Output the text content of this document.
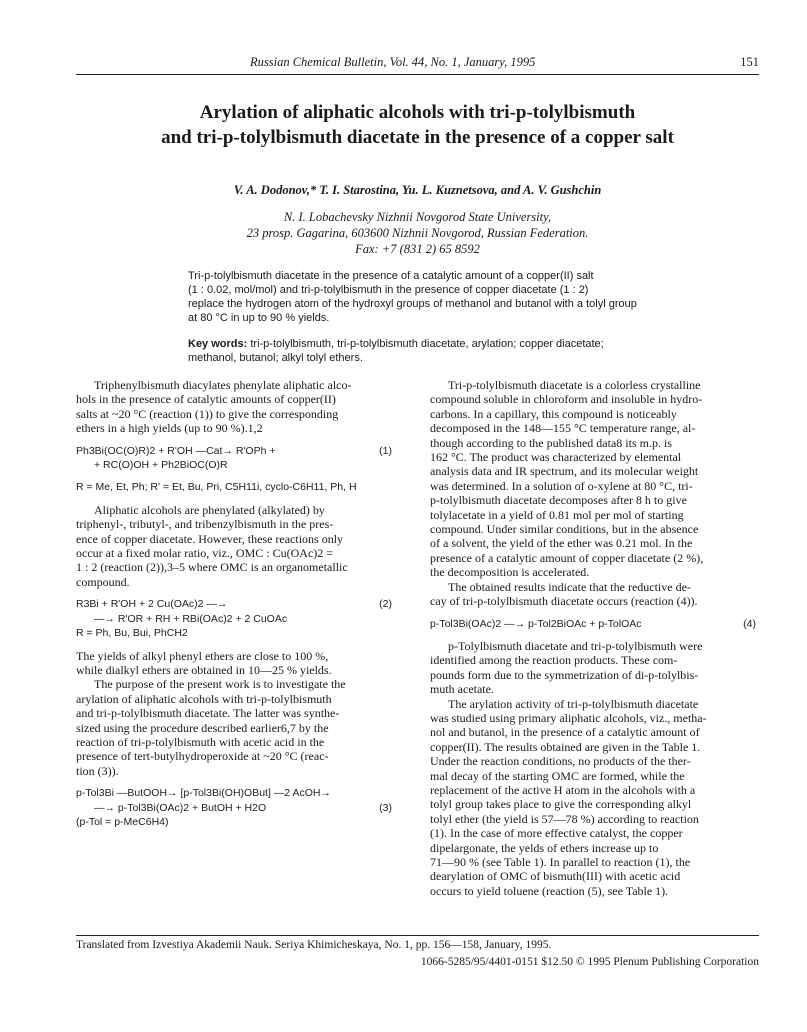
Russian Chemical Bulletin, Vol. 44, No. 1, January, 1995	151
Arylation of aliphatic alcohols with tri-p-tolylbismuth
and tri-p-tolylbismuth diacetate in the presence of a copper salt
V. A. Dodonov,* T. I. Starostina, Yu. L. Kuznetsova, and A. V. Gushchin
N. I. Lobachevsky Nizhnii Novgorod State University,
23 prosp. Gagarina, 603600 Nizhnii Novgorod, Russian Federation.
Fax: +7 (831 2) 65 8592
Tri-p-tolylbismuth diacetate in the presence of a catalytic amount of a copper(II) salt
(1 : 0.02, mol/mol) and tri-p-tolylbismuth in the presence of copper diacetate (1 : 2)
replace the hydrogen atom of the hydroxyl groups of methanol and butanol with a tolyl group
at 80 °C in up to 90 % yields.
Key words: tri-p-tolylbismuth, tri-p-tolylbismuth diacetate, arylation; copper diacetate;
methanol, butanol; alkyl tolyl ethers.
Triphenylbismuth diacylates phenylate aliphatic alco-
hols in the presence of catalytic amounts of copper(II)
salts at ~20 °C (reaction (1)) to give the corresponding
ethers in a high yields (up to 90 %).1,2
Ph3Bi(OC(O)R)2 + R'OH —Cat→ R'OPh +	(1)
+ RC(O)OH + Ph2BiOC(O)R
R = Me, Et, Ph; R' = Et, Bu, Pri, C5H11i, cyclo-C6H11, Ph, H
Aliphatic alcohols are phenylated (alkylated) by
triphenyl-, tributyl-, and tribenzylbismuth in the pres-
ence of copper diacetate. However, these reactions only
occur at a fixed molar ratio, viz., OMC : Cu(OAc)2 =
1 : 2 (reaction (2)),3–5 where OMC is an organometallic
compound.
R3Bi + R'OH + 2 Cu(OAc)2 —→	(2)
—→ R'OR + RH + RBi(OAc)2 + 2 CuOAc
R = Ph, Bu, Bui, PhCH2
The yields of alkyl phenyl ethers are close to 100 %,
while dialkyl ethers are obtained in 10—25 % yields.
The purpose of the present work is to investigate the
arylation of aliphatic alcohols with tri-p-tolylbismuth
and tri-p-tolylbismuth diacetate. The latter was synthe-
sized using the procedure described earlier6,7 by the
reaction of tri-p-tolylbismuth with acetic acid in the
presence of tert-butylhydroperoxide at ~20 °C (reac-
tion (3)).
p-Tol3Bi —ButOOH→ [p-Tol3Bi(OH)OBut] —2 AcOH→
—→ p-Tol3Bi(OAc)2 + ButOH + H2O	(3)
(p-Tol = p-MeC6H4)
Tri-p-tolylbismuth diacetate is a colorless crystalline
compound soluble in chloroform and insoluble in hydro-
carbons. In a capillary, this compound is noticeably
decomposed in the 148—155 °C temperature range, al-
though according to the published data8 its m.p. is
162 °C. The product was characterized by elemental
analysis data and IR spectrum, and its molecular weight
was determined. In a solution of o-xylene at 80 °C, tri-
p-tolylbismuth diacetate decomposes after 8 h to give
tolylacetate in a yield of 0.81 mol per mol of starting
compound. Under similar conditions, but in the absence
of a solvent, the yield of the ether was 0.21 mol. In the
presence of a catalytic amount of copper diacetate (2 %),
the decomposition is accelerated.
The obtained results indicate that the reductive de-
cay of tri-p-tolylbismuth diacetate occurs (reaction (4)).
p-Tol3Bi(OAc)2 —→ p-Tol2BiOAc + p-TolOAc	(4)
p-Tolylbismuth diacetate and tri-p-tolylbismuth were
identified among the reaction products. These com-
pounds form due to the symmetrization of di-p-tolylbis-
muth acetate.
The arylation activity of tri-p-tolylbismuth diacetate
was studied using primary aliphatic alcohols, viz., metha-
nol and butanol, in the presence of a catalytic amount of
copper(II). The results obtained are given in the Table 1.
Under the reaction conditions, no products of the ther-
mal decay of the starting OMC are formed, while the
replacement of the active H atom in the alcohols with a
tolyl group takes place to give the corresponding alkyl
tolyl ether (the yield is 57—78 %) according to reaction
(1). In the case of more effective catalyst, the copper
dipelargonate, the yelds of ethers increase up to
71—90 % (see Table 1). In parallel to reaction (1), the
dearylation of OMC of bismuth(III) with acetic acid
occurs to yield toluene (reaction (5), see Table 1).
Translated from Izvestiya Akademii Nauk. Seriya Khimicheskaya, No. 1, pp. 156—158, January, 1995.
1066-5285/95/4401-0151 $12.50 © 1995 Plenum Publishing Corporation
